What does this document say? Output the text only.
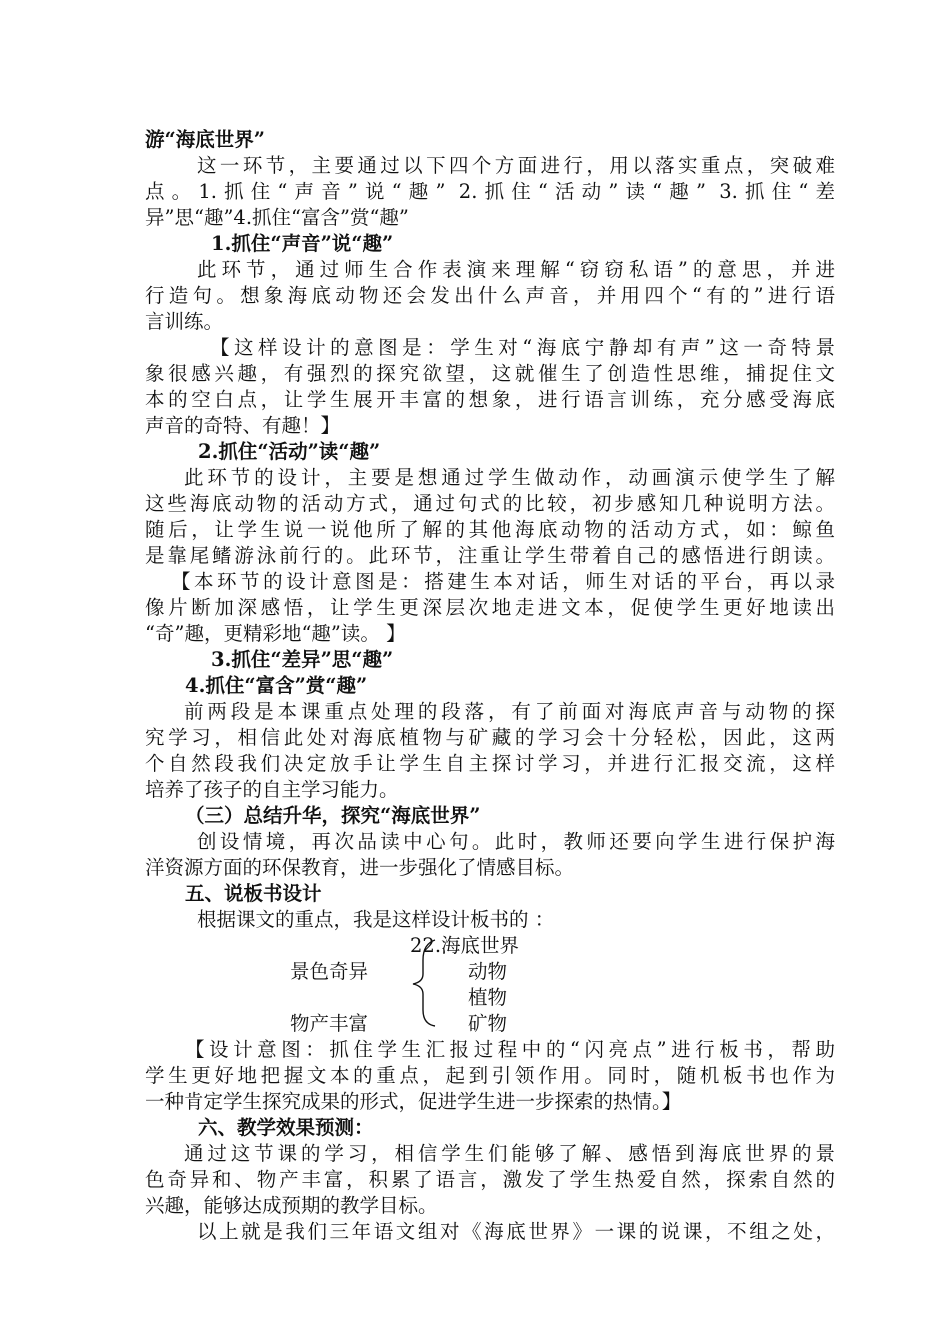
游“海底世界”

这一环节，主要通过以下四个方面进行，用以落实重点，突破难

点。1.抓住“声音”说“趣” 2.抓住“活动”读“趣” 3.抓住“差

异”思“趣”4.抓住“富含”赏“趣”

1.抓住“声音”说“趣”

此环节，通过师生合作表演来理解“窃窃私语”的意思，并进

行造句。想象海底动物还会发出什么声音，并用四个“有的”进行语

言训练。

【这样设计的意图是：学生对“海底宁静却有声”这一奇特景

象很感兴趣，有强烈的探究欲望，这就催生了创造性思维，捕捉住文

本的空白点，让学生展开丰富的想象，进行语言训练，充分感受海底

声音的奇特、有趣！】

2.抓住“活动”读“趣”

此环节的设计，主要是想通过学生做动作，动画演示使学生了解

这些海底动物的活动方式，通过句式的比较，初步感知几种说明方法。

随后，让学生说一说他所了解的其他海底动物的活动方式，如：鲸鱼

是靠尾鳍游泳前行的。此环节，注重让学生带着自己的感悟进行朗读。

【本环节的设计意图是：搭建生本对话，师生对话的平台，再以录

像片断加深感悟，让学生更深层次地走进文本，促使学生更好地读出

“奇”趣，更精彩地“趣”读。 】

3.抓住“差异”思“趣”

4.抓住“富含”赏“趣”

前两段是本课重点处理的段落，有了前面对海底声音与动物的探

究学习，相信此处对海底植物与矿藏的学习会十分轻松，因此，这两

个自然段我们决定放手让学生自主探讨学习，并进行汇报交流，这样

培养了孩子的自主学习能力。

（三）总结升华，探究“海底世界”

创设情境，再次品读中心句。此时，教师还要向学生进行保护海

洋资源方面的环保教育，进一步强化了情感目标。

五、说板书设计

根据课文的重点，我是这样设计板书的 ：

22.海底世界
景色奇异
物产丰富
动物
植物
矿物

【设计意图：抓住学生汇报过程中的“闪亮点”进行板书，帮助

学生更好地把握文本的重点，起到引领作用。同时，随机板书也作为

一种肯定学生探究成果的形式，促进学生进一步探索的热情。】

六、教学效果预测：

通过这节课的学习，相信学生们能够了解、感悟到海底世界的景

色奇异和、物产丰富，积累了语言，激发了学生热爱自然，探索自然的

兴趣，能够达成预期的教学目标。

以上就是我们三年语文组对《海底世界》一课的说课，不组之处，
